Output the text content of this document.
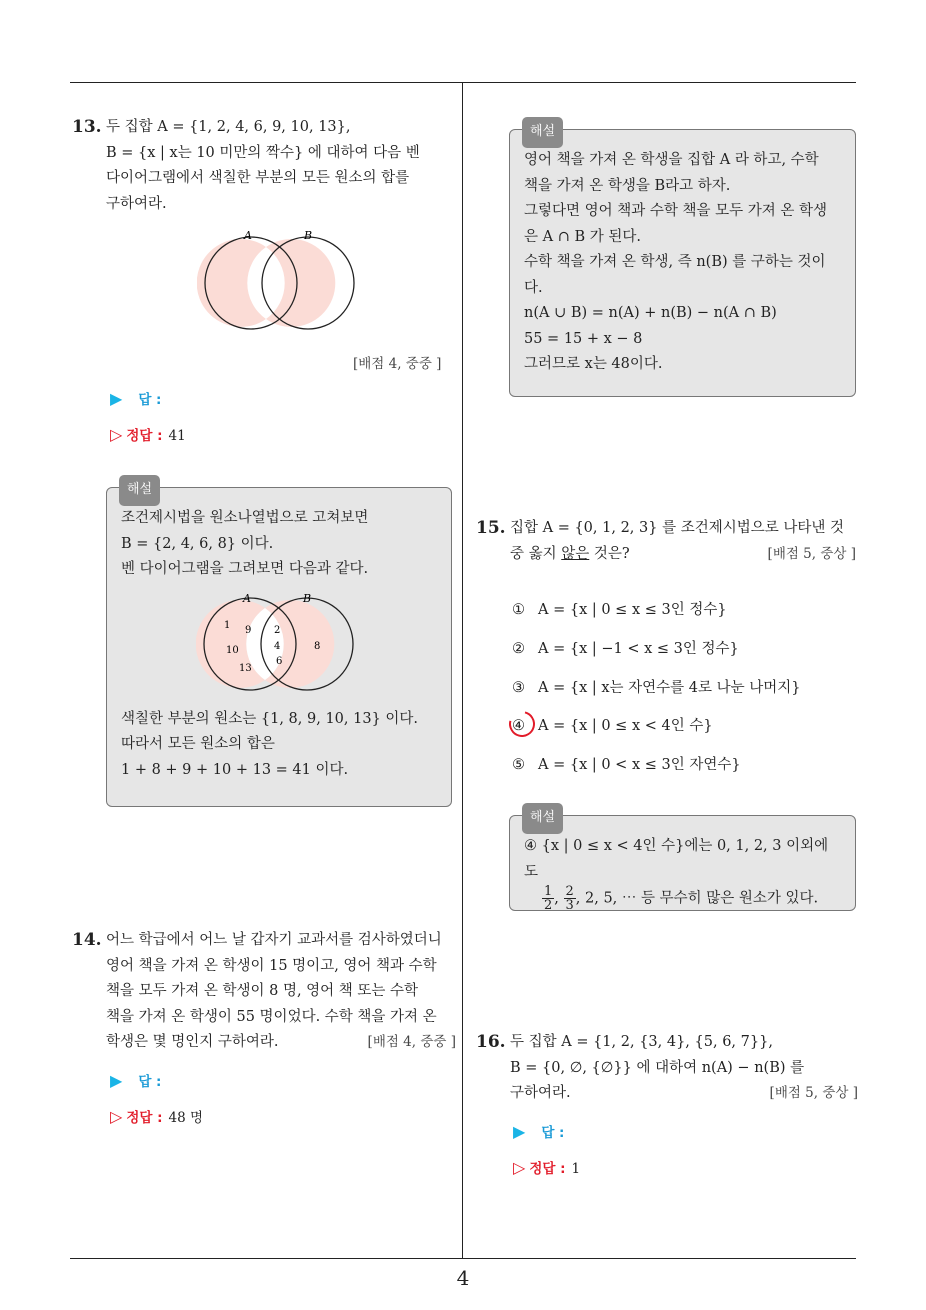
4
13. 두 집합 A = {1, 2, 4, 6, 9, 10, 13},
B = {x | x는 10 미만의 짝수} 에 대하여 다음 벤
다이어그램에서 색칠한 부분의 모든 원소의 합를
구하여라.
A	B
[배점 4, 중중 ]
▶ 답 :
▷ 정답 : 41
해설
조건제시법을 원소나열법으로 고쳐보면
B = {2, 4, 6, 8} 이다.
벤 다이어그램을 그려보면 다음과 같다.
색칠한 부분의 원소는 {1, 8, 9, 10, 13} 이다.
따라서 모든 원소의 합은
1 + 8 + 9 + 10 + 13 = 41 이다.
A	B
1 9
10
13
2
4
6
8
14. 어느 학급에서 어느 날 갑자기 교과서를 검사하였더니
영어 책을 가져 온 학생이 15 명이고, 영어 책과 수학
책을 모두 가져 온 학생이 8 명, 영어 책 또는 수학
책을 가져 온 학생이 55 명이었다. 수학 책을 가져 온
학생은 몇 명인지 구하여라.	[배점 4, 중중 ]
▶ 답 :
▷ 정답 : 48 명
해설
영어 책을 가져 온 학생을 집합 A 라 하고, 수학
책을 가져 온 학생을 B라고 하자.
그렇다면 영어 책과 수학 책을 모두 가져 온 학생
은 A ∩ B 가 된다.
수학 책을 가져 온 학생, 즉 n(B) 를 구하는 것이
다.
n(A ∪ B) = n(A) + n(B) − n(A ∩ B)
55 = 15 + x − 8
그러므로 x는 48이다.
15. 집합 A = {0, 1, 2, 3} 를 조건제시법으로 나타낸 것
중 옳지 않은 것은?	[배점 5, 중상 ]
① A = {x | 0 ≤ x ≤ 3인 정수}
② A = {x | −1 < x ≤ 3인 정수}
③ A = {x | x는 자연수를 4로 나눈 나머지}
④ A = {x | 0 ≤ x < 4인 수}
⑤ A = {x | 0 < x ≤ 3인 자연수}
해설
④ {x | 0 ≤ x < 4인 수}에는 0, 1, 2, 3 이외에도
$\frac{1}{2}$ , $\frac{2}{3}$ , 2, 5, ⋯ 등 무수히 많은 원소가 있다.
16. 두 집합 A = {1, 2, {3, 4}, {5, 6, 7}},
B = {0, ∅, {∅}} 에 대하여 n(A) − n(B) 를
구하여라.	[배점 5, 중상 ]
▶ 답 :
▷ 정답 : 1
